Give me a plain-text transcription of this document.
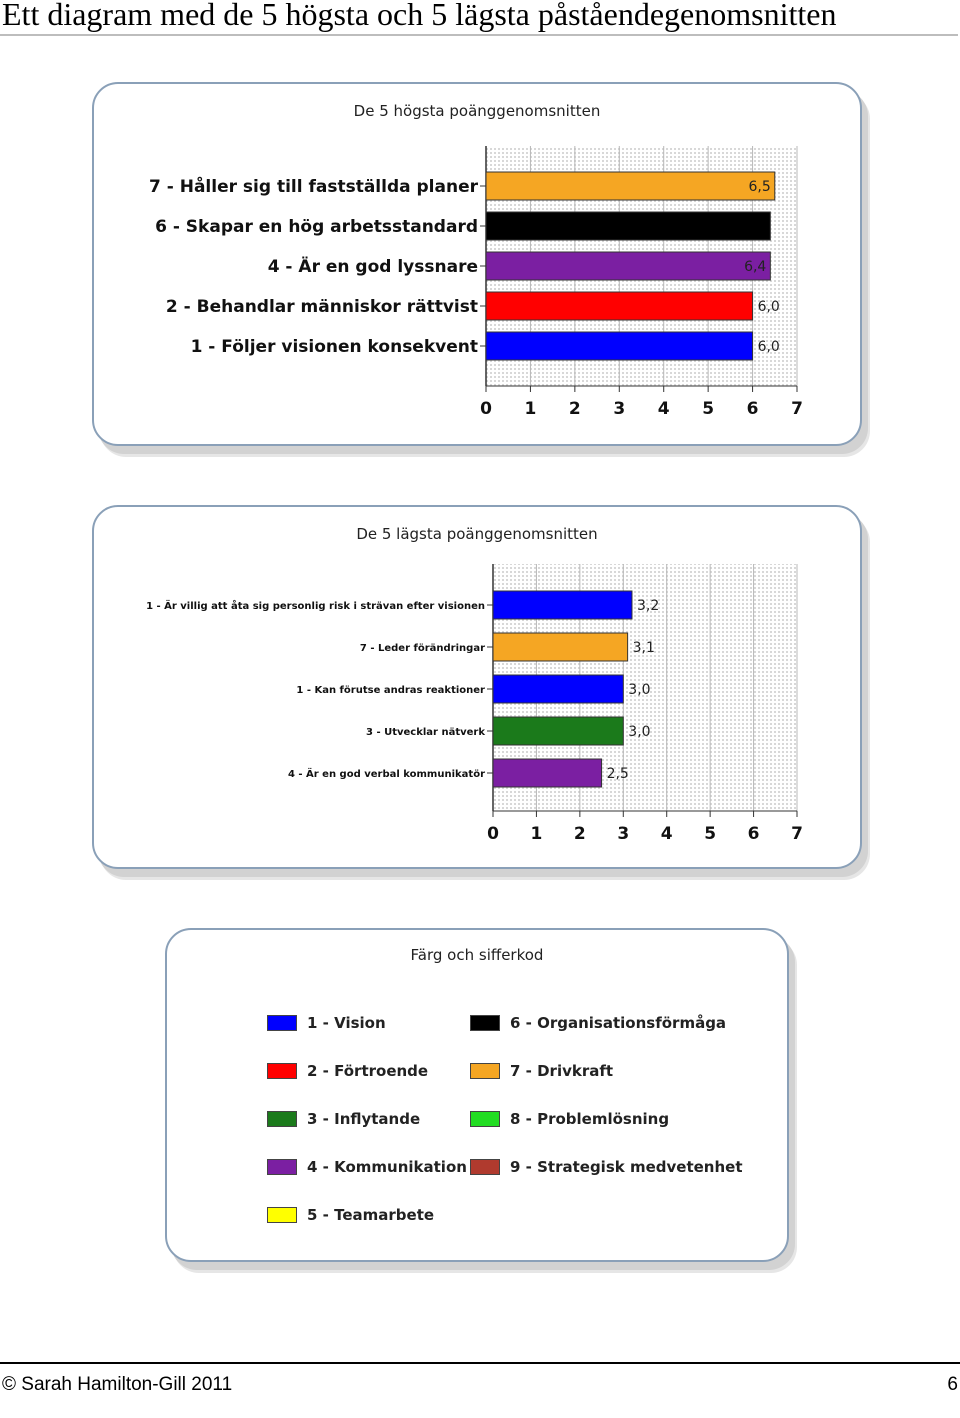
Ett diagram med de 5 högsta och 5 lägsta påståendegenomsnitten
De 5 högsta poänggenomsnitten
0 1 2 3 4 5 6 7
7 - Håller sig till fastställda planer	6,5
6 - Skapar en hög arbetsstandard
4 - Är en god lyssnare	6,4
2 - Behandlar människor rättvist	6,0
1 - Följer visionen konsekvent	6,0
De 5 lägsta poänggenomsnitten
0 1 2 3 4 5 6 7
1 - Är villig att åta sig personlig risk i strävan efter visionen	3,2
7 - Leder förändringar	3,1
1 - Kan förutse andras reaktioner	3,0
3 - Utvecklar nätverk	3,0
4 - Är en god verbal kommunikatör	2,5
Färg och sifferkod
1 - Vision
2 - Förtroende
3 - Inflytande
4 - Kommunikation
5 - Teamarbete
6 - Organisationsförmåga
7 - Drivkraft
8 - Problemlösning
9 - Strategisk medvetenhet
© Sarah Hamilton-Gill 2011	6
